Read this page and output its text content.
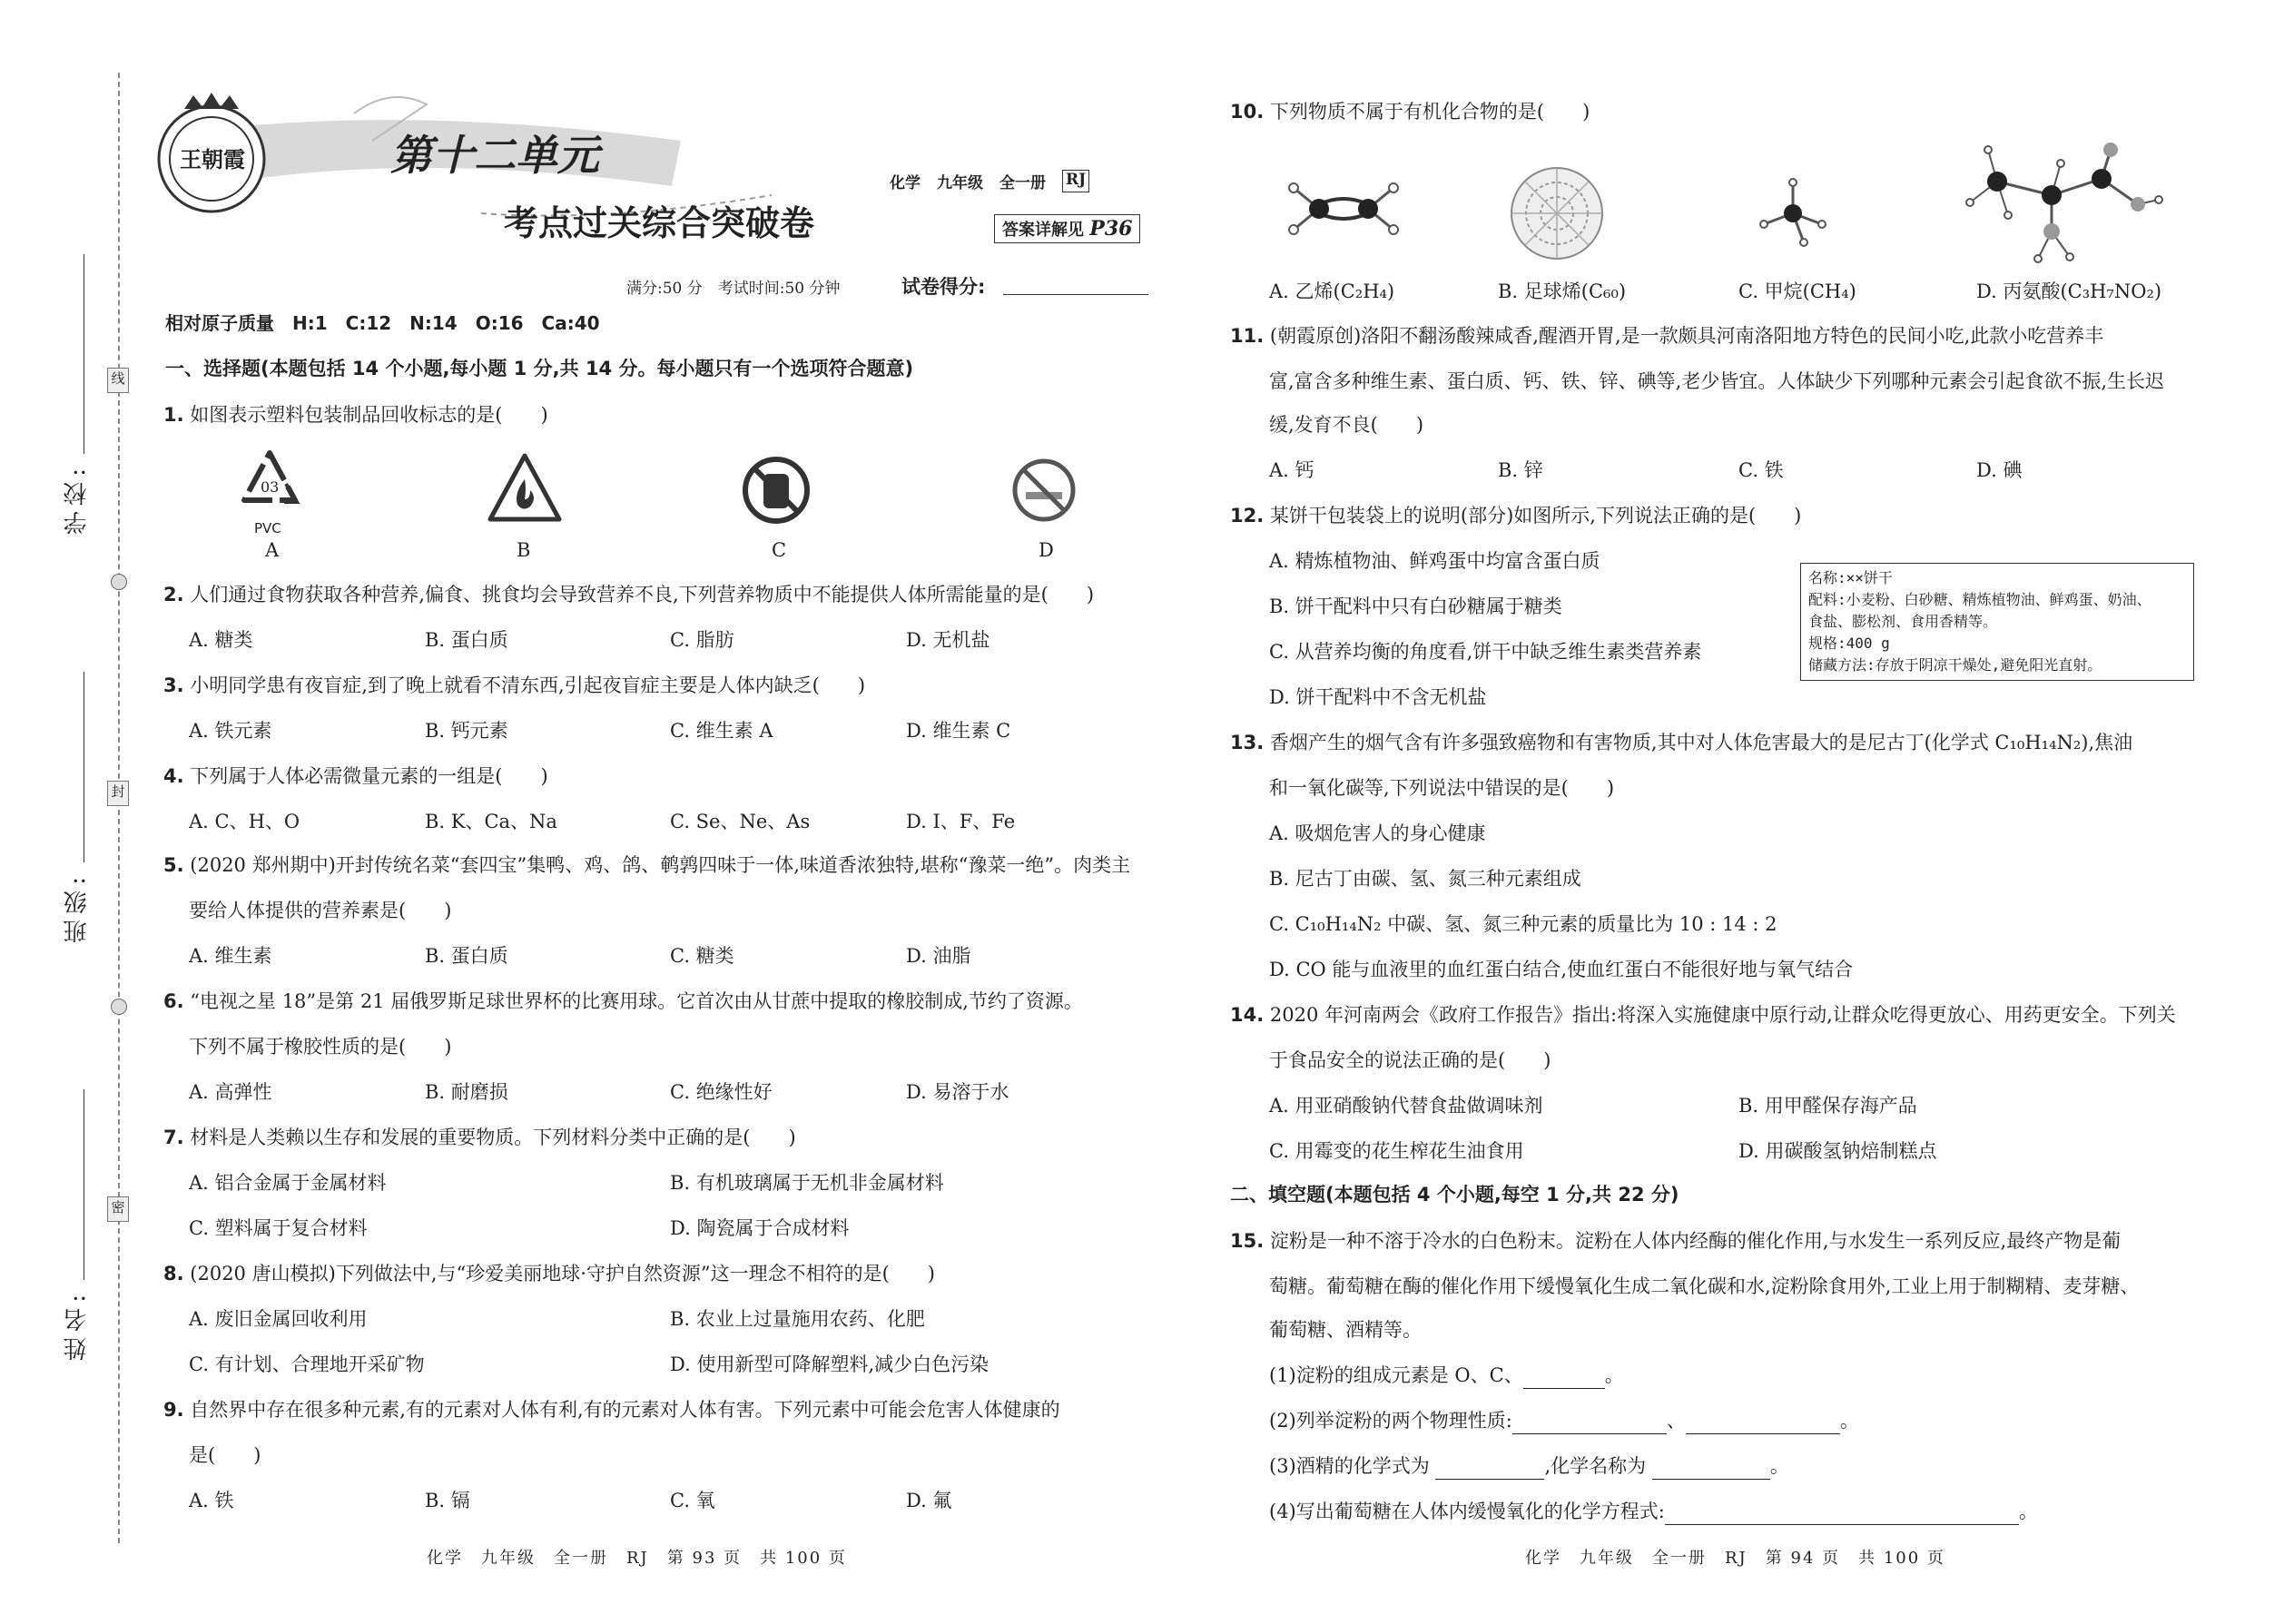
学校:
班级:
姓名:
线
封
密
王朝霞	第十二单元
考点过关综合突破卷
化学 九年级 全一册 RJ
答案详解见 P36
满分:50 分　考试时间:50 分钟	试卷得分:
相对原子质量　H:1　C:12　N:14　O:16　Ca:40
一、选择题(本题包括 14 个小题,每小题 1 分,共 14 分。每小题只有一个选项符合题意)
1. 如图表示塑料包装制品回收标志的是(　　)
03
PVC
A	B	C	D
2. 人们通过食物获取各种营养,偏食、挑食均会导致营养不良,下列营养物质中不能提供人体所需能量的是(　　)
A. 糖类	B. 蛋白质	C. 脂肪	D. 无机盐
3. 小明同学患有夜盲症,到了晚上就看不清东西,引起夜盲症主要是人体内缺乏(　　)
A. 铁元素	B. 钙元素	C. 维生素 A	D. 维生素 C
4. 下列属于人体必需微量元素的一组是(　　)
A. C、H、O	B. K、Ca、Na	C. Se、Ne、As	D. I、F、Fe
5. (2020 郑州期中)开封传统名菜“套四宝”集鸭、鸡、鸽、鹌鹑四味于一体,味道香浓独特,堪称“豫菜一绝”。肉类主
要给人体提供的营养素是(　　)
A. 维生素	B. 蛋白质	C. 糖类	D. 油脂
6. “电视之星 18”是第 21 届俄罗斯足球世界杯的比赛用球。它首次由从甘蔗中提取的橡胶制成,节约了资源。
下列不属于橡胶性质的是(　　)
A. 高弹性	B. 耐磨损	C. 绝缘性好	D. 易溶于水
7. 材料是人类赖以生存和发展的重要物质。下列材料分类中正确的是(　　)
A. 铝合金属于金属材料	B. 有机玻璃属于无机非金属材料
C. 塑料属于复合材料	D. 陶瓷属于合成材料
8. (2020 唐山模拟)下列做法中,与“珍爱美丽地球·守护自然资源”这一理念不相符的是(　　)
A. 废旧金属回收利用	B. 农业上过量施用农药、化肥
C. 有计划、合理地开采矿物	D. 使用新型可降解塑料,减少白色污染
9. 自然界中存在很多种元素,有的元素对人体有利,有的元素对人体有害。下列元素中可能会危害人体健康的
是(　　)
A. 铁	B. 镉	C. 氧	D. 氟
化学　九年级　全一册　RJ　第 93 页　共 100 页
10. 下列物质不属于有机化合物的是(　　)
A. 乙烯(C₂H₄)	B. 足球烯(C₆₀)	C. 甲烷(CH₄)	D. 丙氨酸(C₃H₇NO₂)
11. (朝霞原创)洛阳不翻汤酸辣咸香,醒酒开胃,是一款颇具河南洛阳地方特色的民间小吃,此款小吃营养丰
富,富含多种维生素、蛋白质、钙、铁、锌、碘等,老少皆宜。人体缺少下列哪种元素会引起食欲不振,生长迟
缓,发育不良(　　)
A. 钙	B. 锌	C. 铁	D. 碘
12. 某饼干包装袋上的说明(部分)如图所示,下列说法正确的是(　　)
A. 精炼植物油、鲜鸡蛋中均富含蛋白质
B. 饼干配料中只有白砂糖属于糖类
C. 从营养均衡的角度看,饼干中缺乏维生素类营养素
D. 饼干配料中不含无机盐
名称:××饼干
配料:小麦粉、白砂糖、精炼植物油、鲜鸡蛋、奶油、
食盐、膨松剂、食用香精等。
规格:400 g
储藏方法:存放于阴凉干燥处,避免阳光直射。
13. 香烟产生的烟气含有许多强致癌物和有害物质,其中对人体危害最大的是尼古丁(化学式 C₁₀H₁₄N₂),焦油
和一氧化碳等,下列说法中错误的是(　　)
A. 吸烟危害人的身心健康
B. 尼古丁由碳、氢、氮三种元素组成
C. C₁₀H₁₄N₂ 中碳、氢、氮三种元素的质量比为 10 : 14 : 2
D. CO 能与血液里的血红蛋白结合,使血红蛋白不能很好地与氧气结合
14. 2020 年河南两会《政府工作报告》指出:将深入实施健康中原行动,让群众吃得更放心、用药更安全。下列关
于食品安全的说法正确的是(　　)
A. 用亚硝酸钠代替食盐做调味剂	B. 用甲醛保存海产品
C. 用霉变的花生榨花生油食用	D. 用碳酸氢钠焙制糕点
二、填空题(本题包括 4 个小题,每空 1 分,共 22 分)
15. 淀粉是一种不溶于冷水的白色粉末。淀粉在人体内经酶的催化作用,与水发生一系列反应,最终产物是葡
萄糖。葡萄糖在酶的催化作用下缓慢氧化生成二氧化碳和水,淀粉除食用外,工业上用于制糊精、麦芽糖、
葡萄糖、酒精等。
(1)淀粉的组成元素是 O、C、	。
(2)列举淀粉的两个物理性质:	、	。
(3)酒精的化学式为	,化学名称为	。
(4)写出葡萄糖在人体内缓慢氧化的化学方程式:	。
化学　九年级　全一册　RJ　第 94 页　共 100 页
